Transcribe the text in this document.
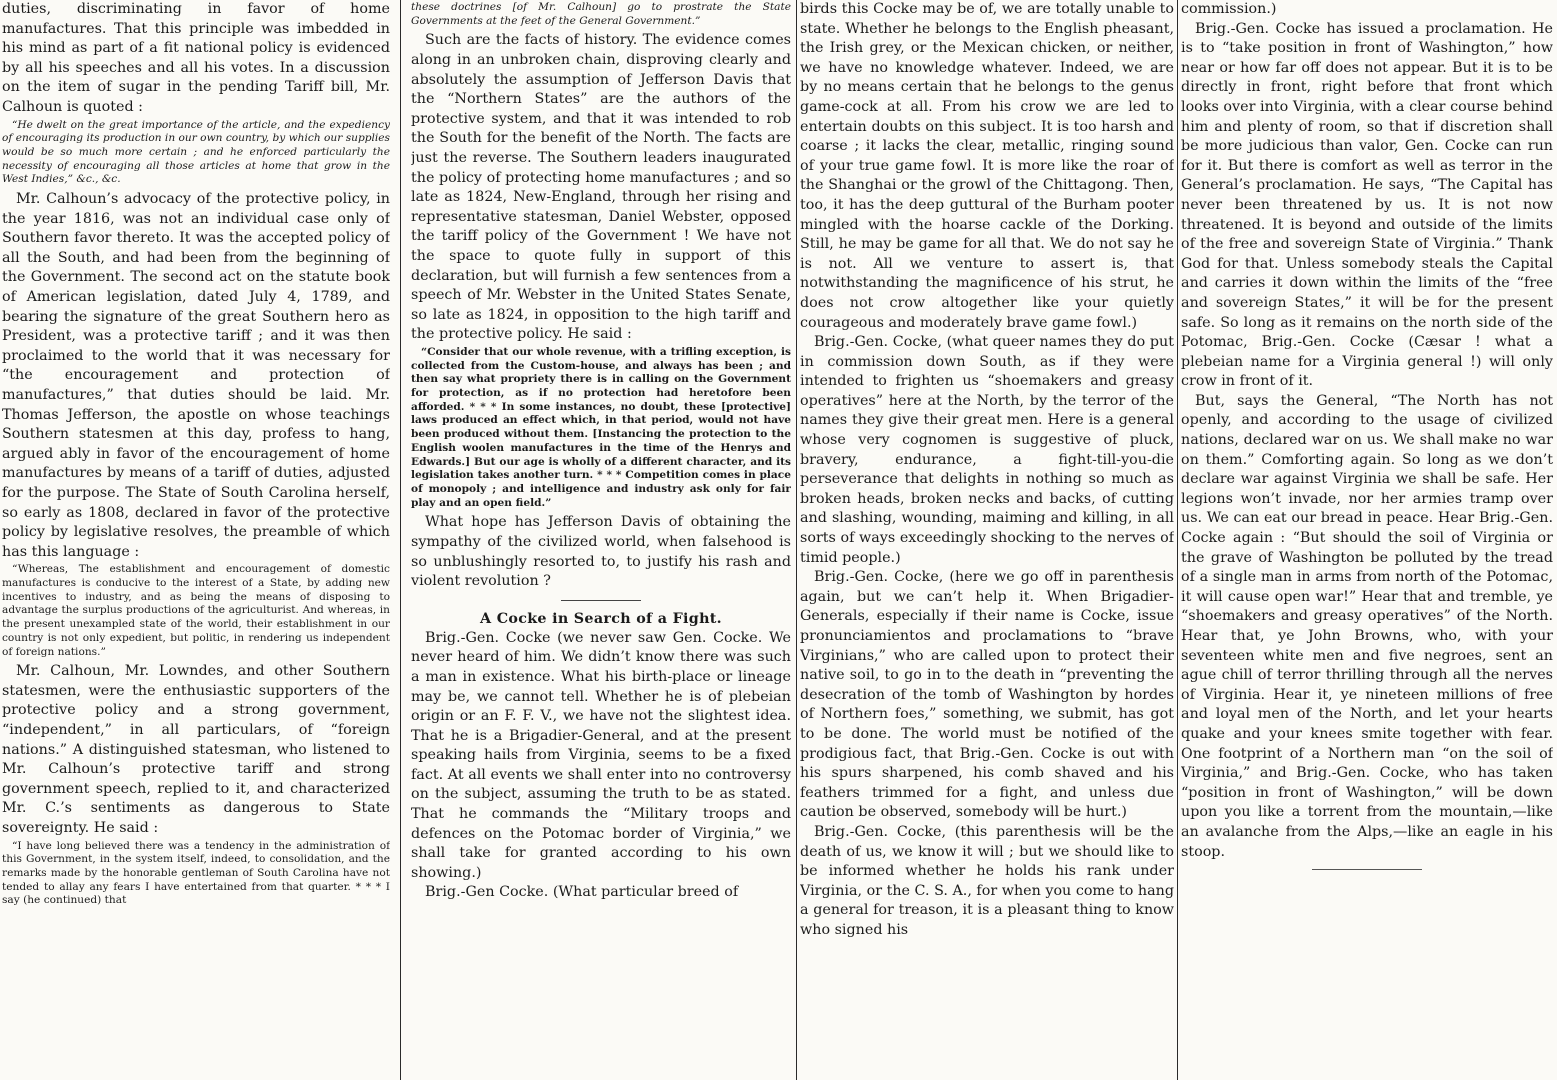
duties, discriminating in favor of home manufactures. That this principle was imbedded in his mind as part of a fit national policy is evidenced by all his speeches and all his votes. In a discussion on the item of sugar in the pending Tariff bill, Mr. Calhoun is quoted :

“He dwelt on the great importance of the article, and the expediency of encouraging its production in our own country, by which our supplies would be so much more certain ; and he enforced particularly the necessity of encouraging all those articles at home that grow in the West Indies,” &c., &c.

Mr. Calhoun’s advocacy of the protective policy, in the year 1816, was not an individual case only of Southern favor thereto. It was the accepted policy of all the South, and had been from the beginning of the Government. The second act on the statute book of American legislation, dated July 4, 1789, and bearing the signature of the great Southern hero as President, was a protective tariff ; and it was then proclaimed to the world that it was necessary for “the encouragement and protection of manufactures,” that duties should be laid. Mr. Thomas Jefferson, the apostle on whose teachings Southern statesmen at this day, profess to hang, argued ably in favor of the encouragement of home manufactures by means of a tariff of duties, adjusted for the purpose. The State of South Carolina herself, so early as 1808, declared in favor of the protective policy by legislative resolves, the preamble of which has this language :

“Whereas, The establishment and encouragement of domestic manufactures is conducive to the interest of a State, by adding new incentives to industry, and as being the means of disposing to advantage the surplus productions of the agriculturist. And whereas, in the present unexampled state of the world, their establishment in our country is not only expedient, but politic, in rendering us independent of foreign nations.”

Mr. Calhoun, Mr. Lowndes, and other Southern statesmen, were the enthusiastic supporters of the protective policy and a strong government, “independent,” in all particulars, of “foreign nations.” A distinguished statesman, who listened to Mr. Calhoun’s protective tariff and strong government speech, replied to it, and characterized Mr. C.’s sentiments as dangerous to State sovereignty. He said :

“I have long believed there was a tendency in the administration of this Government, in the system itself, indeed, to consolidation, and the remarks made by the honorable gentleman of South Carolina have not tended to allay any fears I have entertained from that quarter. * * * I say (he continued) that

these doctrines [of Mr. Calhoun] go to prostrate the State Governments at the feet of the General Government.”

Such are the facts of history. The evidence comes along in an unbroken chain, disproving clearly and absolutely the assumption of Jefferson Davis that the “Northern States” are the authors of the protective system, and that it was intended to rob the South for the benefit of the North. The facts are just the reverse. The Southern leaders inaugurated the policy of protecting home manufactures ; and so late as 1824, New-England, through her rising and representative statesman, Daniel Webster, opposed the tariff policy of the Government ! We have not the space to quote fully in support of this declaration, but will furnish a few sentences from a speech of Mr. Webster in the United States Senate, so late as 1824, in opposition to the high tariff and the protective policy. He said :

“Consider that our whole revenue, with a trifling exception, is collected from the Custom-house, and always has been ; and then say what propriety there is in calling on the Government for protection, as if no protection had heretofore been afforded. * * * In some instances, no doubt, these [protective] laws produced an effect which, in that period, would not have been produced without them. [Instancing the protection to the English woolen manufactures in the time of the Henrys and Edwards.] But our age is wholly of a different character, and its legislation takes another turn. * * * Competition comes in place of monopoly ; and intelligence and industry ask only for fair play and an open field.”

What hope has Jefferson Davis of obtaining the sympathy of the civilized world, when falsehood is so unblushingly resorted to, to justify his rash and violent revolution ?

A Cocke in Search of a Fight.

Brig.-Gen. Cocke (we never saw Gen. Cocke. We never heard of him. We didn’t know there was such a man in existence. What his birth-place or lineage may be, we cannot tell. Whether he is of plebeian origin or an F. F. V., we have not the slightest idea. That he is a Brigadier-General, and at the present speaking hails from Virginia, seems to be a fixed fact. At all events we shall enter into no controversy on the subject, assuming the truth to be as stated. That he commands the “Military troops and defences on the Potomac border of Virginia,” we shall take for granted according to his own showing.)

Brig.-Gen Cocke. (What particular breed of

birds this Cocke may be of, we are totally unable to state. Whether he belongs to the English pheasant, the Irish grey, or the Mexican chicken, or neither, we have no knowledge whatever. Indeed, we are by no means certain that he belongs to the genus game-cock at all. From his crow we are led to entertain doubts on this subject. It is too harsh and coarse ; it lacks the clear, metallic, ringing sound of your true game fowl. It is more like the roar of the Shanghai or the growl of the Chittagong. Then, too, it has the deep guttural of the Burham pooter mingled with the hoarse cackle of the Dorking. Still, he may be game for all that. We do not say he is not. All we venture to assert is, that notwithstanding the magnificence of his strut, he does not crow altogether like your quietly courageous and moderately brave game fowl.)

Brig.-Gen. Cocke, (what queer names they do put in commission down South, as if they were intended to frighten us “shoemakers and greasy operatives” here at the North, by the terror of the names they give their great men. Here is a general whose very cognomen is suggestive of pluck, bravery, endurance, a fight-till-you-die perseverance that delights in nothing so much as broken heads, broken necks and backs, of cutting and slashing, wounding, maiming and killing, in all sorts of ways exceedingly shocking to the nerves of timid people.)

Brig.-Gen. Cocke, (here we go off in parenthesis again, but we can’t help it. When Brigadier-Generals, especially if their name is Cocke, issue pronunciamientos and proclamations to “brave Virginians,” who are called upon to protect their native soil, to go in to the death in “preventing the desecration of the tomb of Washington by hordes of Northern foes,” something, we submit, has got to be done. The world must be notified of the prodigious fact, that Brig.-Gen. Cocke is out with his spurs sharpened, his comb shaved and his feathers trimmed for a fight, and unless due caution be observed, somebody will be hurt.)

Brig.-Gen. Cocke, (this parenthesis will be the death of us, we know it will ; but we should like to be informed whether he holds his rank under Virginia, or the C. S. A., for when you come to hang a general for treason, it is a pleasant thing to know who signed his

commission.)

Brig.-Gen. Cocke has issued a proclamation. He is to “take position in front of Washington,” how near or how far off does not appear. But it is to be directly in front, right before that front which looks over into Virginia, with a clear course behind him and plenty of room, so that if discretion shall be more judicious than valor, Gen. Cocke can run for it. But there is comfort as well as terror in the General’s proclamation. He says, “The Capital has never been threatened by us. It is not now threatened. It is beyond and outside of the limits of the free and sovereign State of Virginia.” Thank God for that. Unless somebody steals the Capital and carries it down within the limits of the “free and sovereign States,” it will be for the present safe. So long as it remains on the north side of the Potomac, Brig.-Gen. Cocke (Cæsar ! what a plebeian name for a Virginia general !) will only crow in front of it.

But, says the General, “The North has not openly, and according to the usage of civilized nations, declared war on us. We shall make no war on them.” Comforting again. So long as we don’t declare war against Virginia we shall be safe. Her legions won’t invade, nor her armies tramp over us. We can eat our bread in peace. Hear Brig.-Gen. Cocke again : “But should the soil of Virginia or the grave of Washington be polluted by the tread of a single man in arms from north of the Potomac, it will cause open war!” Hear that and tremble, ye “shoemakers and greasy operatives” of the North. Hear that, ye John Browns, who, with your seventeen white men and five negroes, sent an ague chill of terror thrilling through all the nerves of Virginia. Hear it, ye nineteen millions of free and loyal men of the North, and let your hearts quake and your knees smite together with fear. One footprint of a Northern man “on the soil of Virginia,” and Brig.-Gen. Cocke, who has taken “position in front of Washington,” will be down upon you like a torrent from the mountain,—like an avalanche from the Alps,—like an eagle in his stoop.
